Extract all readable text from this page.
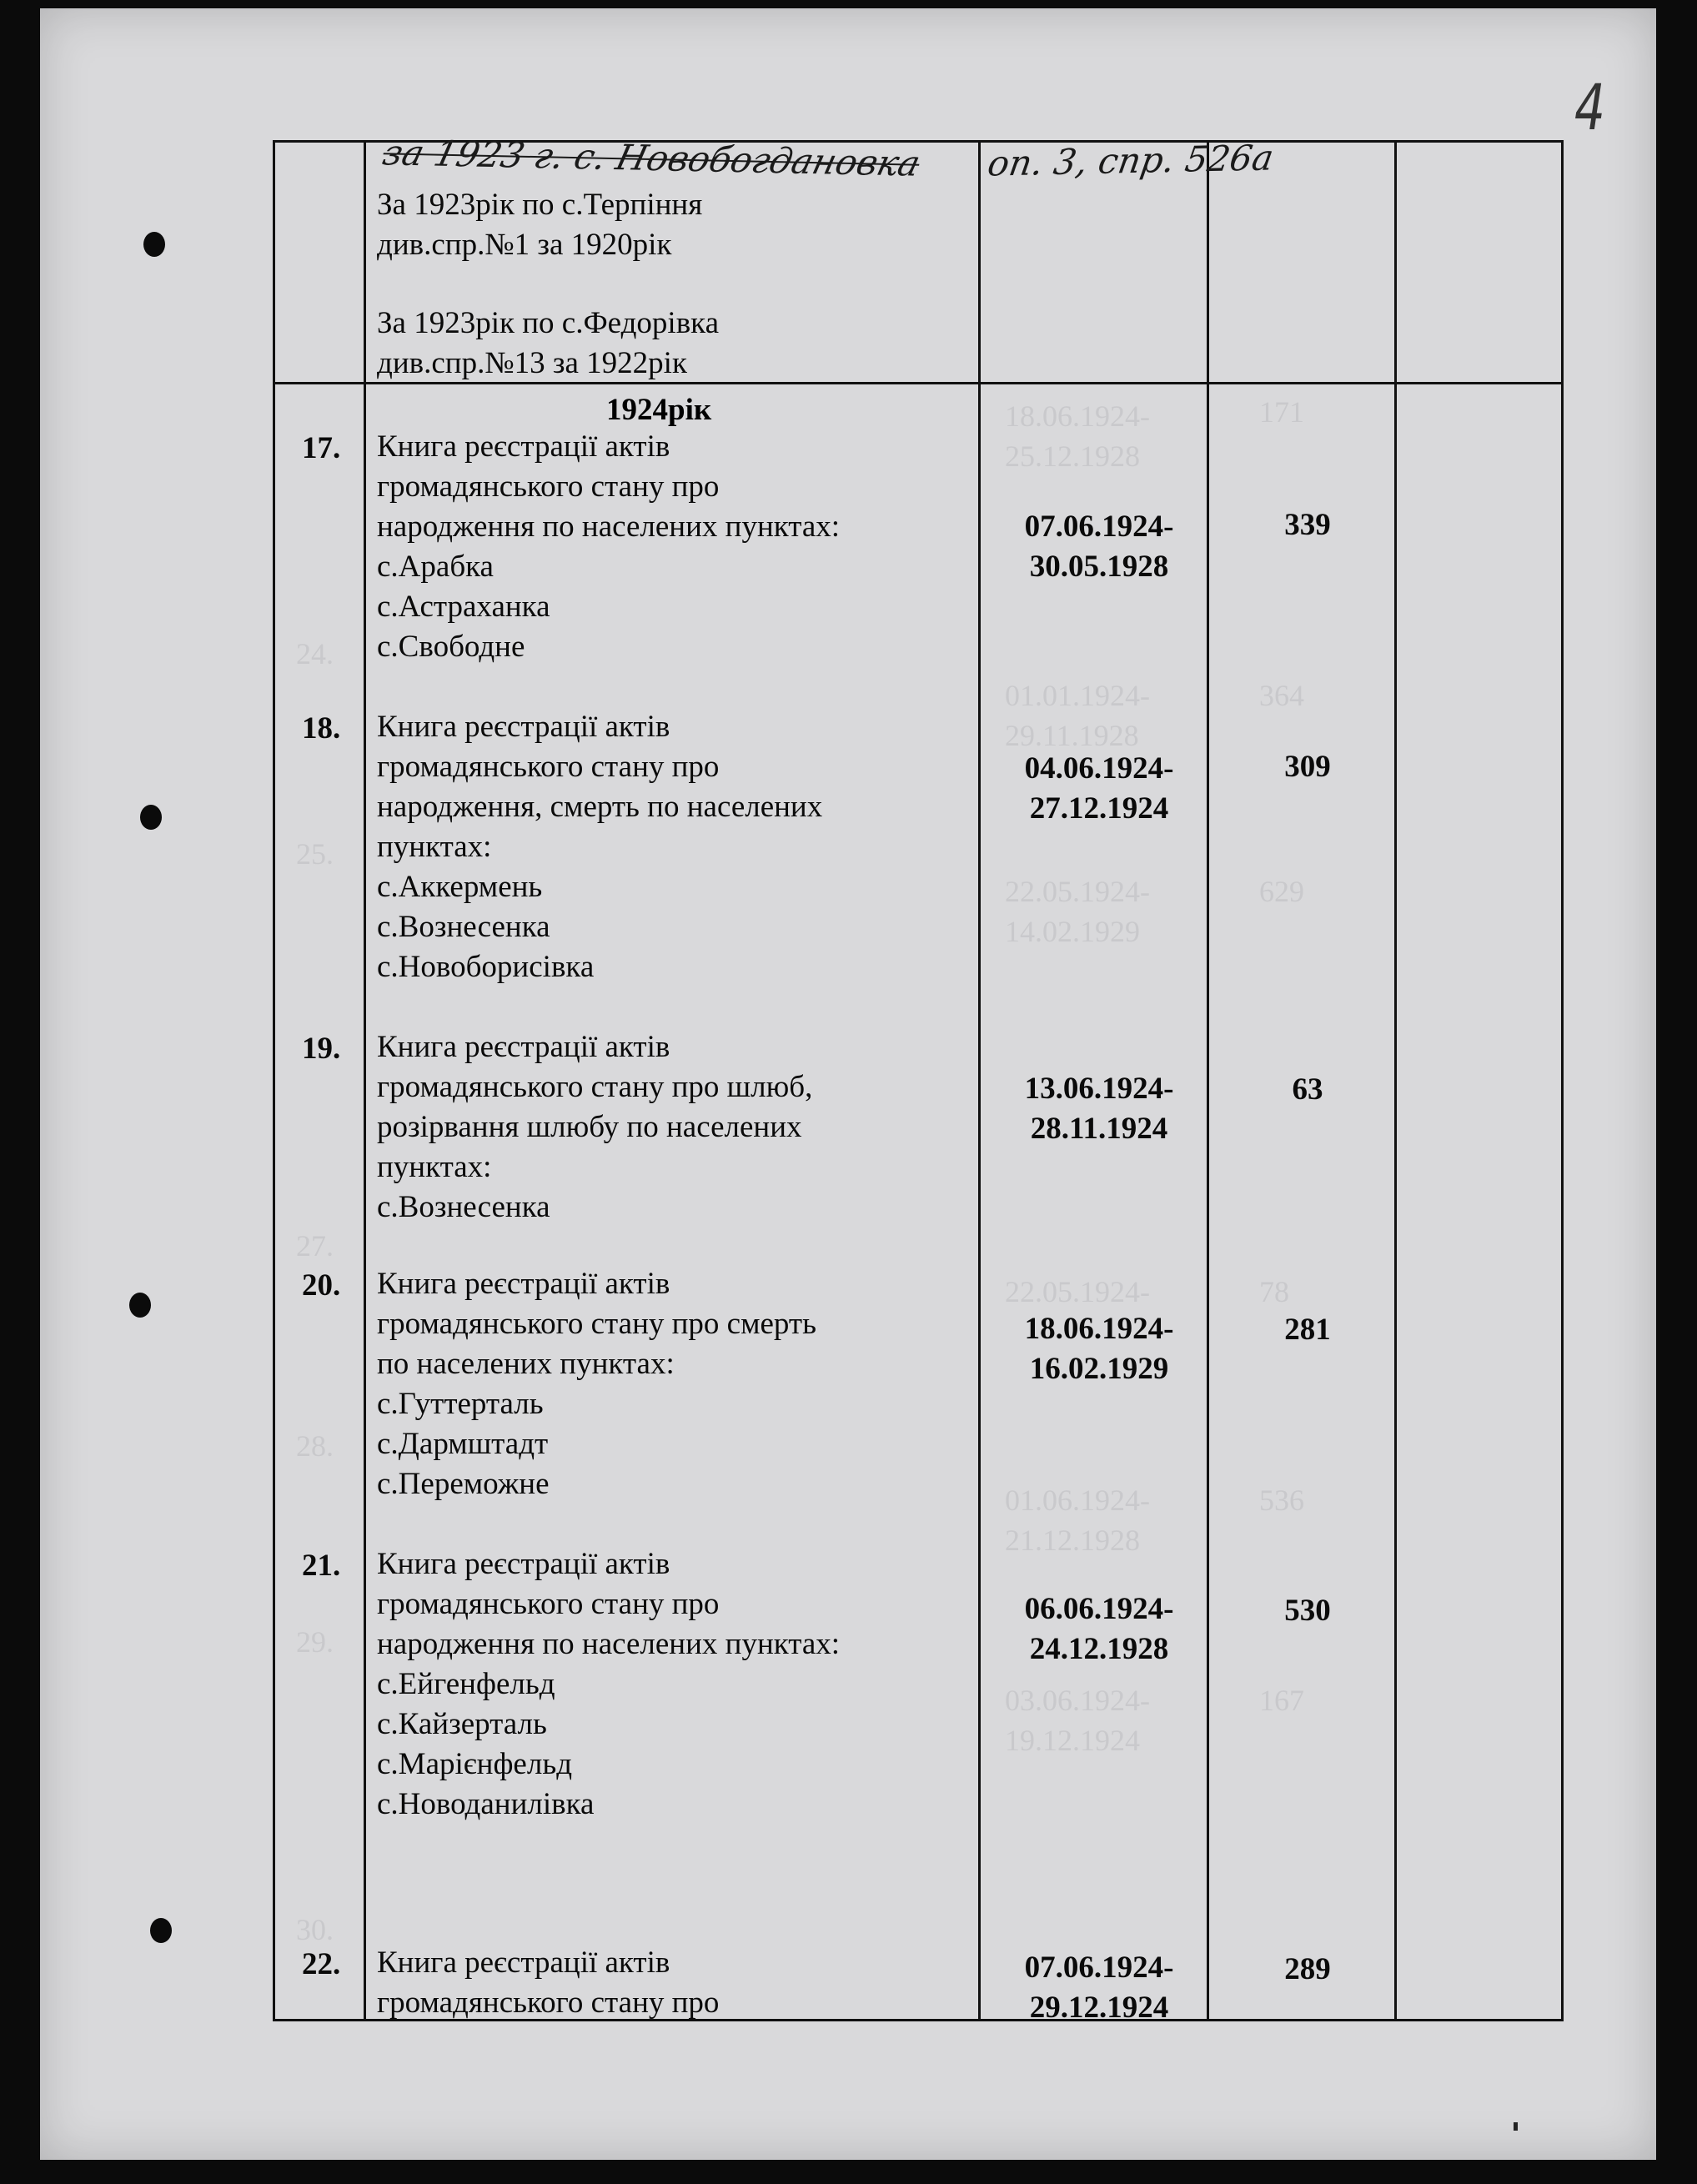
4
18.06.1924-
25.12.1928
171
24.
01.01.1924-
29.11.1928
364
25.
22.05.1924-
14.02.1929
629
27.
22.05.1924-	78
28.
01.06.1924-
21.12.1928
536
29.
03.06.1924-
19.12.1924
167
30.
за 1923 г. с. Новобогдановка оп. 3, спр. 526а
За 1923рік по с.Терпіння
див.спр.№1 за 1920рік
За 1923рік по с.Федорівка
див.спр.№13 за 1922рік
1924рік
17. Книга реєстрації актів
громадянського стану про
народження по населених пунктах:
с.Арабка
с.Астраханка
с.Свободне
07.06.1924-
30.05.1928
339
18. Книга реєстрації актів
громадянського стану про
народження, смерть по населених
пунктах:
с.Аккермень
с.Вознесенка
с.Новоборисівка
04.06.1924-
27.12.1924
309
19. Книга реєстрації актів
громадянського стану про шлюб,
розірвання шлюбу по населених
пунктах:
с.Вознесенка
13.06.1924-
28.11.1924
63
20. Книга реєстрації актів
громадянського стану про смерть
по населених пунктах:
с.Гуттерталь
с.Дармштадт
с.Переможне
18.06.1924-
16.02.1929
281
21. Книга реєстрації актів
громадянського стану про
народження по населених пунктах:
с.Ейгенфельд
с.Кайзерталь
с.Марієнфельд
с.Новоданилівка
06.06.1924-
24.12.1928
530
22. Книга реєстрації актів
громадянського стану про
07.06.1924-
29.12.1924
289
